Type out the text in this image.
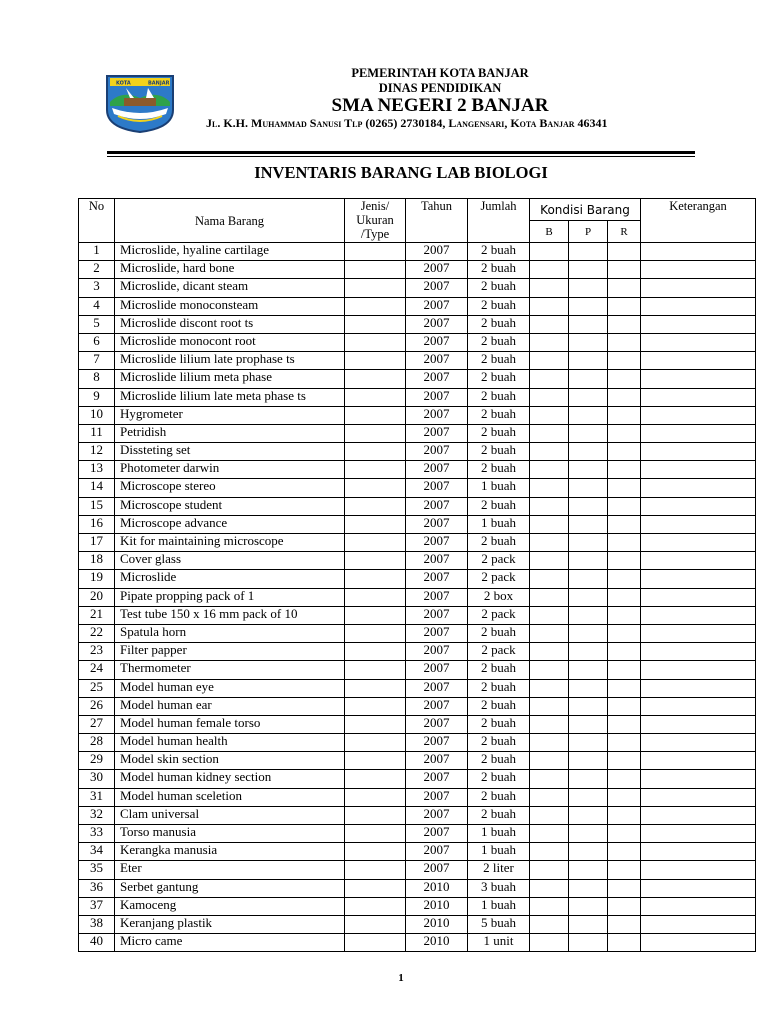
KOTA	BANJAR
PEMERINTAH KOTA BANJAR
DINAS PENDIDIKAN
SMA NEGERI 2 BANJAR
Jl. K.H. Muhammad Sanusi Tlp (0265) 2730184, Langensari, Kota Banjar 46341
INVENTARIS BARANG LAB BIOLOGI
No	Nama Barang	Jenis/ Ukuran /Type	Tahun	Jumlah	Kondisi Barang			Keterangan
					B	P	R	
1	Microslide, hyaline cartilage		2007	2 buah				
2	Microslide, hard bone		2007	2 buah				
3	Microslide, dicant steam		2007	2 buah				
4	Microslide monoconsteam		2007	2 buah				
5	Microslide discont root ts		2007	2 buah				
6	Microslide monocont root		2007	2 buah				
7	Microslide lilium late prophase ts		2007	2 buah				
8	Microslide lilium meta phase		2007	2 buah				
9	Microslide lilium late meta phase ts		2007	2 buah				
10	Hygrometer		2007	2 buah				
11	Petridish		2007	2 buah				
12	Dissteting set		2007	2 buah				
13	Photometer darwin		2007	2 buah				
14	Microscope stereo		2007	1 buah				
15	Microscope student		2007	2 buah				
16	Microscope advance		2007	1 buah				
17	Kit for maintaining microscope		2007	2 buah				
18	Cover glass		2007	2 pack				
19	Microslide		2007	2 pack				
20	Pipate propping pack of 1		2007	2 box				
21	Test tube 150 x 16 mm pack of 10		2007	2 pack				
22	Spatula horn		2007	2 buah				
23	Filter papper		2007	2 pack				
24	Thermometer		2007	2 buah				
25	Model human eye		2007	2 buah				
26	Model human ear		2007	2 buah				
27	Model human female torso		2007	2 buah				
28	Model human health		2007	2 buah				
29	Model skin section		2007	2 buah				
30	Model human kidney section		2007	2 buah				
31	Model human sceletion		2007	2 buah				
32	Clam universal		2007	2 buah				
33	Torso manusia		2007	1 buah				
34	Kerangka manusia		2007	1 buah				
35	Eter		2007	2 liter				
36	Serbet gantung		2010	3 buah				
37	Kamoceng		2010	1 buah				
38	Keranjang plastik		2010	5 buah				
40	Micro came		2010	1 unit				
1
